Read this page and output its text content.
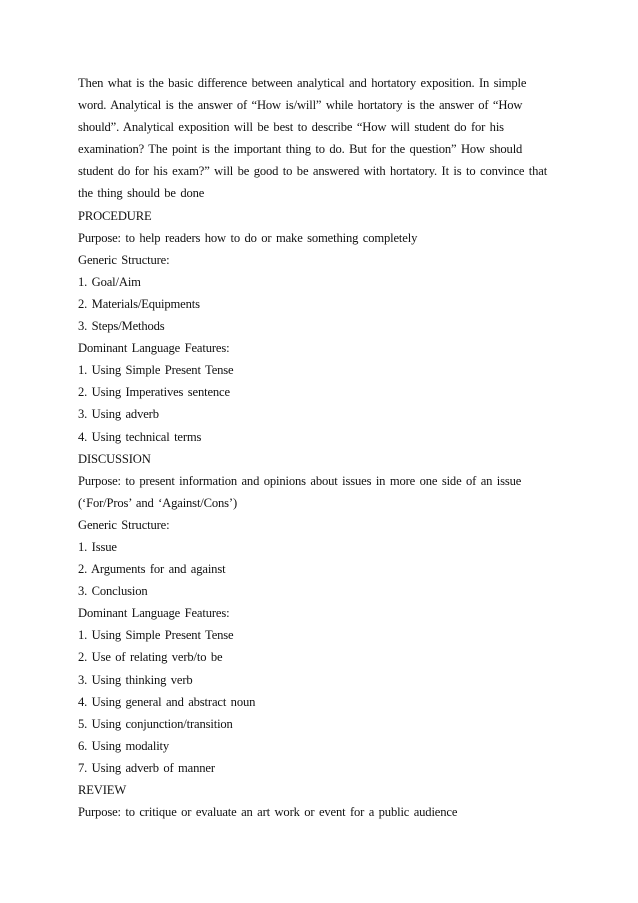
Then what is the basic difference between analytical and hortatory exposition. In simple
word. Analytical is the answer of “How is/will” while hortatory is the answer of “How
should”. Analytical exposition will be best to describe “How will student do for his
examination? The point is the important thing to do. But for the question” How should
student do for his exam?” will be good to be answered with hortatory. It is to convince that
the thing should be done
PROCEDURE
Purpose: to help readers how to do or make something completely
Generic Structure:
1. Goal/Aim
2. Materials/Equipments
3. Steps/Methods
Dominant Language Features:
1. Using Simple Present Tense
2. Using Imperatives sentence
3. Using adverb
4. Using technical terms
DISCUSSION
Purpose: to present information and opinions about issues in more one side of an issue
(‘For/Pros’ and ‘Against/Cons’)
Generic Structure:
1. Issue
2. Arguments for and against
3. Conclusion
Dominant Language Features:
1. Using Simple Present Tense
2. Use of relating verb/to be
3. Using thinking verb
4. Using general and abstract noun
5. Using conjunction/transition
6. Using modality
7. Using adverb of manner
REVIEW
Purpose: to critique or evaluate an art work or event for a public audience
